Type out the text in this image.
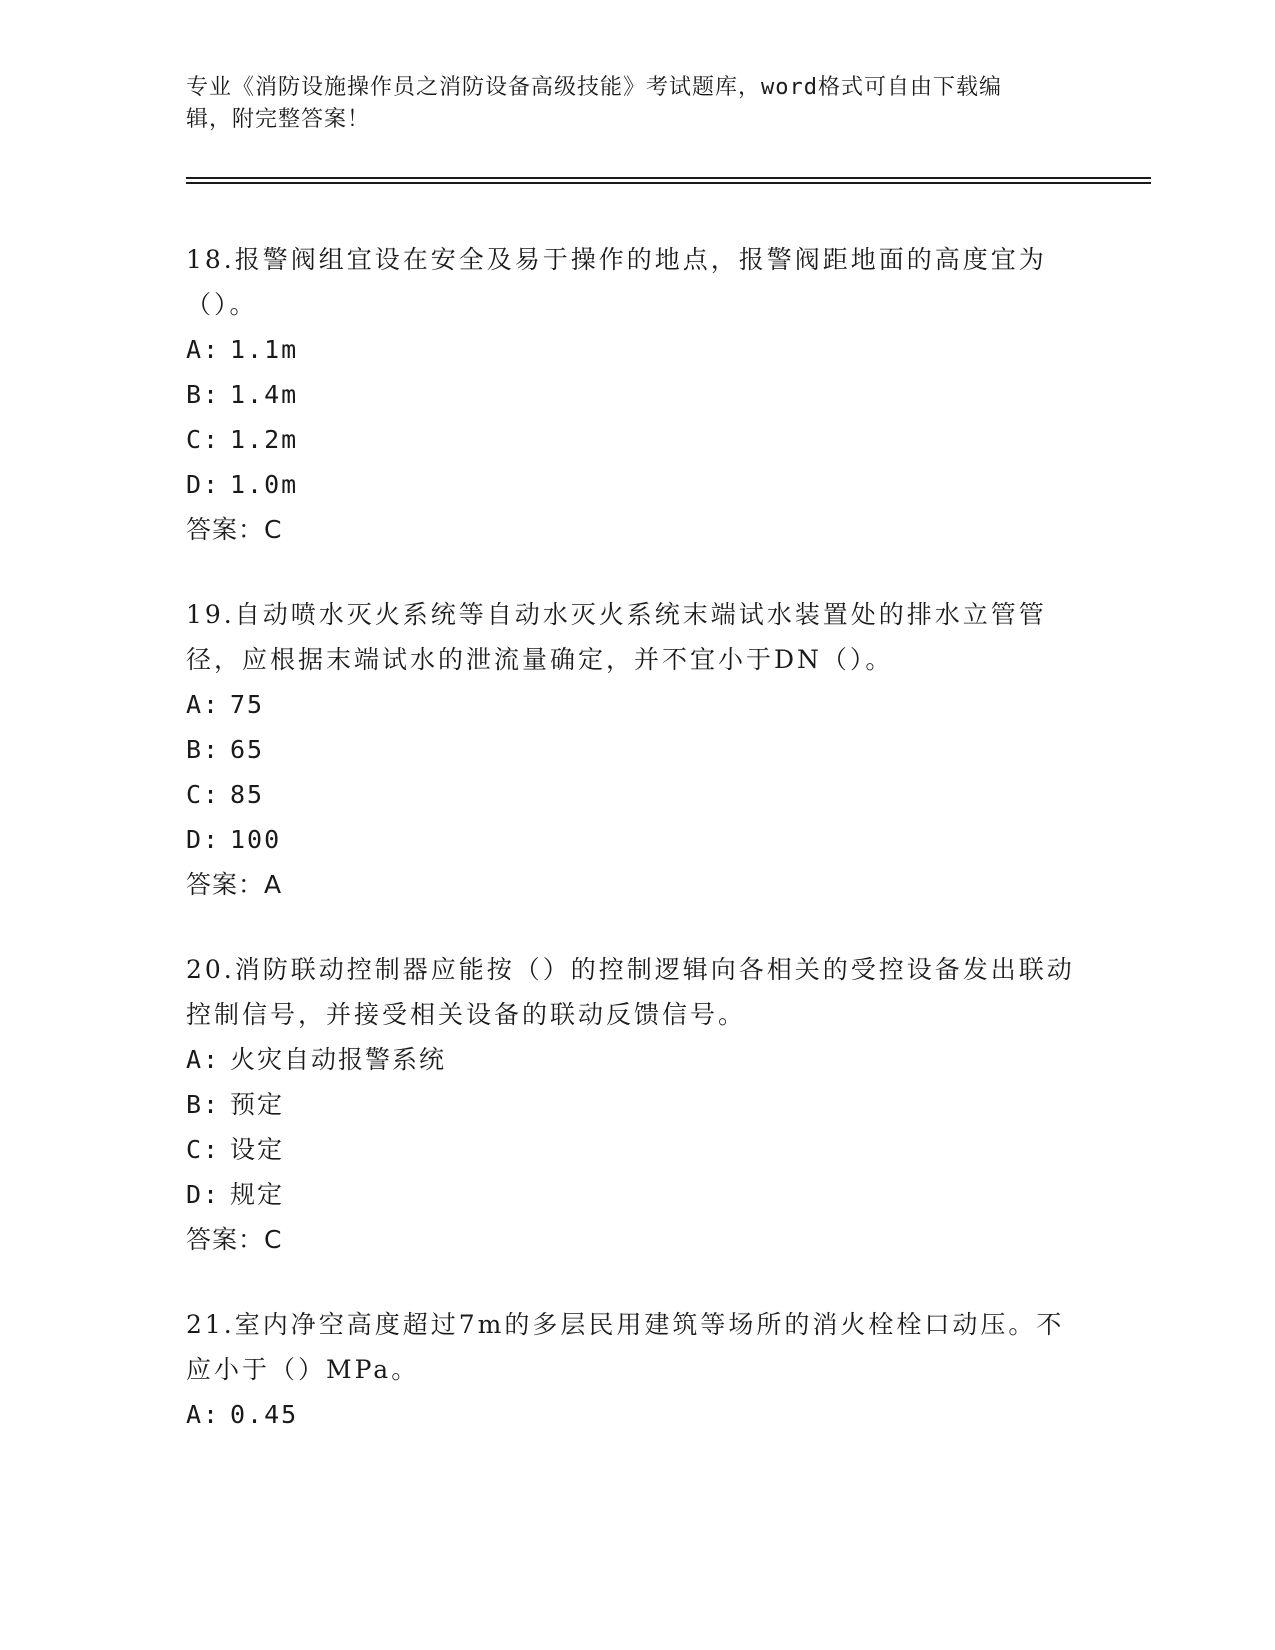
专业《消防设施操作员之消防设备高级技能》考试题库，word格式可自由下载编
辑，附完整答案！

18.报警阀组宜设在安全及易于操作的地点，报警阀距地面的高度宜为（）。

A: 1.1m

B: 1.4m

C: 1.2m

D: 1.0m

答案：C

19.自动喷水灭火系统等自动水灭火系统末端试水装置处的排水立管管径，应根据末端试水的泄流量确定，并不宜小于DN（）。

A: 75

B: 65

C: 85

D: 100

答案：A

20.消防联动控制器应能按（）的控制逻辑向各相关的受控设备发出联动控制信号，并接受相关设备的联动反馈信号。

A: 火灾自动报警系统

B: 预定

C: 设定

D: 规定

答案：C

21.室内净空高度超过7m的多层民用建筑等场所的消火栓栓口动压。不应小于（）MPa。

A: 0.45
